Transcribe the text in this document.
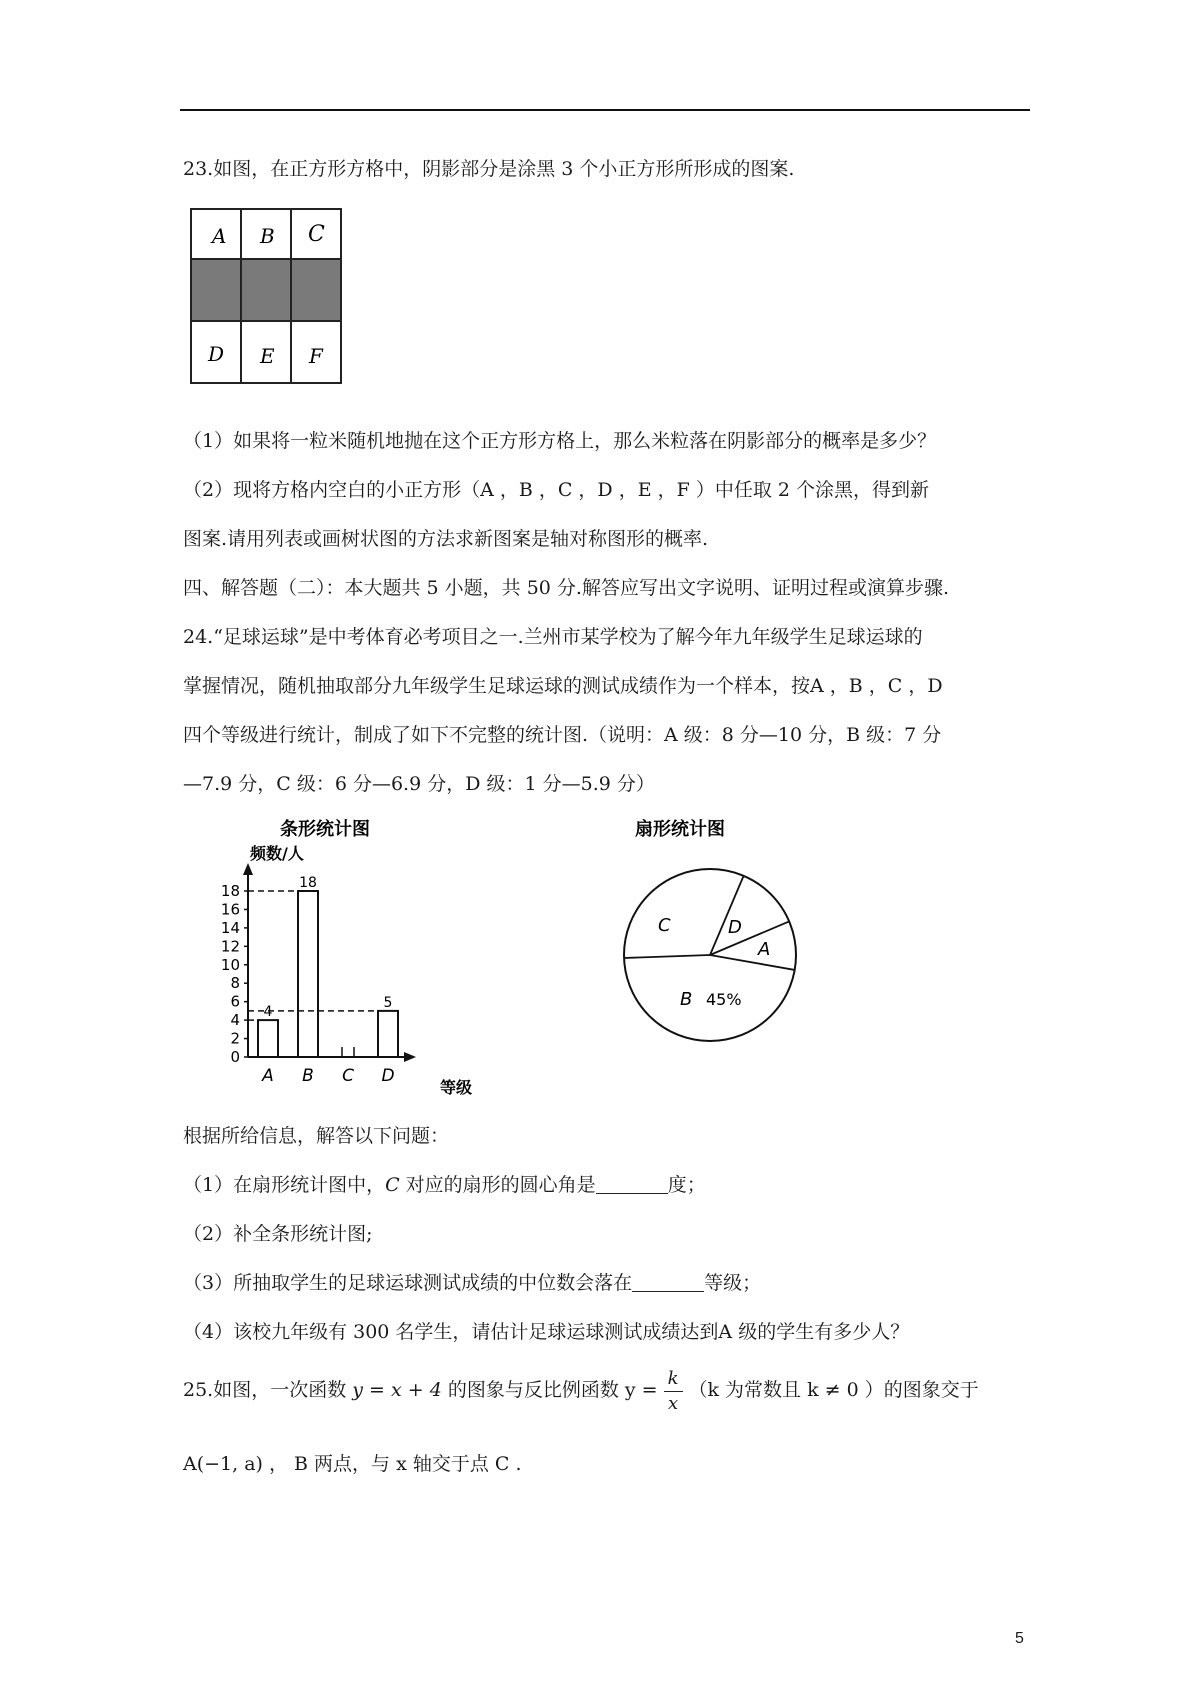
23.如图，在正方形方格中，阴影部分是涂黑 3 个小正方形所形成的图案.
A B C
D E F
（1）如果将一粒米随机地抛在这个正方形方格上，那么米粒落在阴影部分的概率是多少？
（2）现将方格内空白的小正方形（A ，B ，C ，D ，E ，F ）中任取 2 个涂黑，得到新
图案.请用列表或画树状图的方法求新图案是轴对称图形的概率.
四、解答题（二）：本大题共 5 小题，共 50 分.解答应写出文字说明、证明过程或演算步骤.
24.“足球运球”是中考体育必考项目之一.兰州市某学校为了解今年九年级学生足球运球的
掌握情况，随机抽取部分九年级学生足球运球的测试成绩作为一个样本，按A ，B ，C ，D
四个等级进行统计，制成了如下不完整的统计图.（说明：A 级：8 分—10 分，B 级：7 分
—7.9 分，C 级：6 分—6.9 分，D 级：1 分—5.9 分）
条形统计图
频数/人
等级
0
2
4
6
8
10
12
14
16
18
4
A
18
B C
5
D
扇形统计图
C	D
A
B 45%
根据所给信息，解答以下问题：
（1）在扇形统计图中，C 对应的扇形的圆心角是	度；
（2）补全条形统计图;
（3）所抽取学生的足球运球测试成绩的中位数会落在	等级；
（4）该校九年级有 300 名学生，请估计足球运球测试成绩达到A 级的学生有多少人？
25.如图，一次函数 y = x + 4 的图象与反比例函数 $y = \frac{k}{x} (k$ 为常数且 k ≠ 0 ）的图象交于
A(−1, a) ， B 两点，与 x 轴交于点 C .
5
